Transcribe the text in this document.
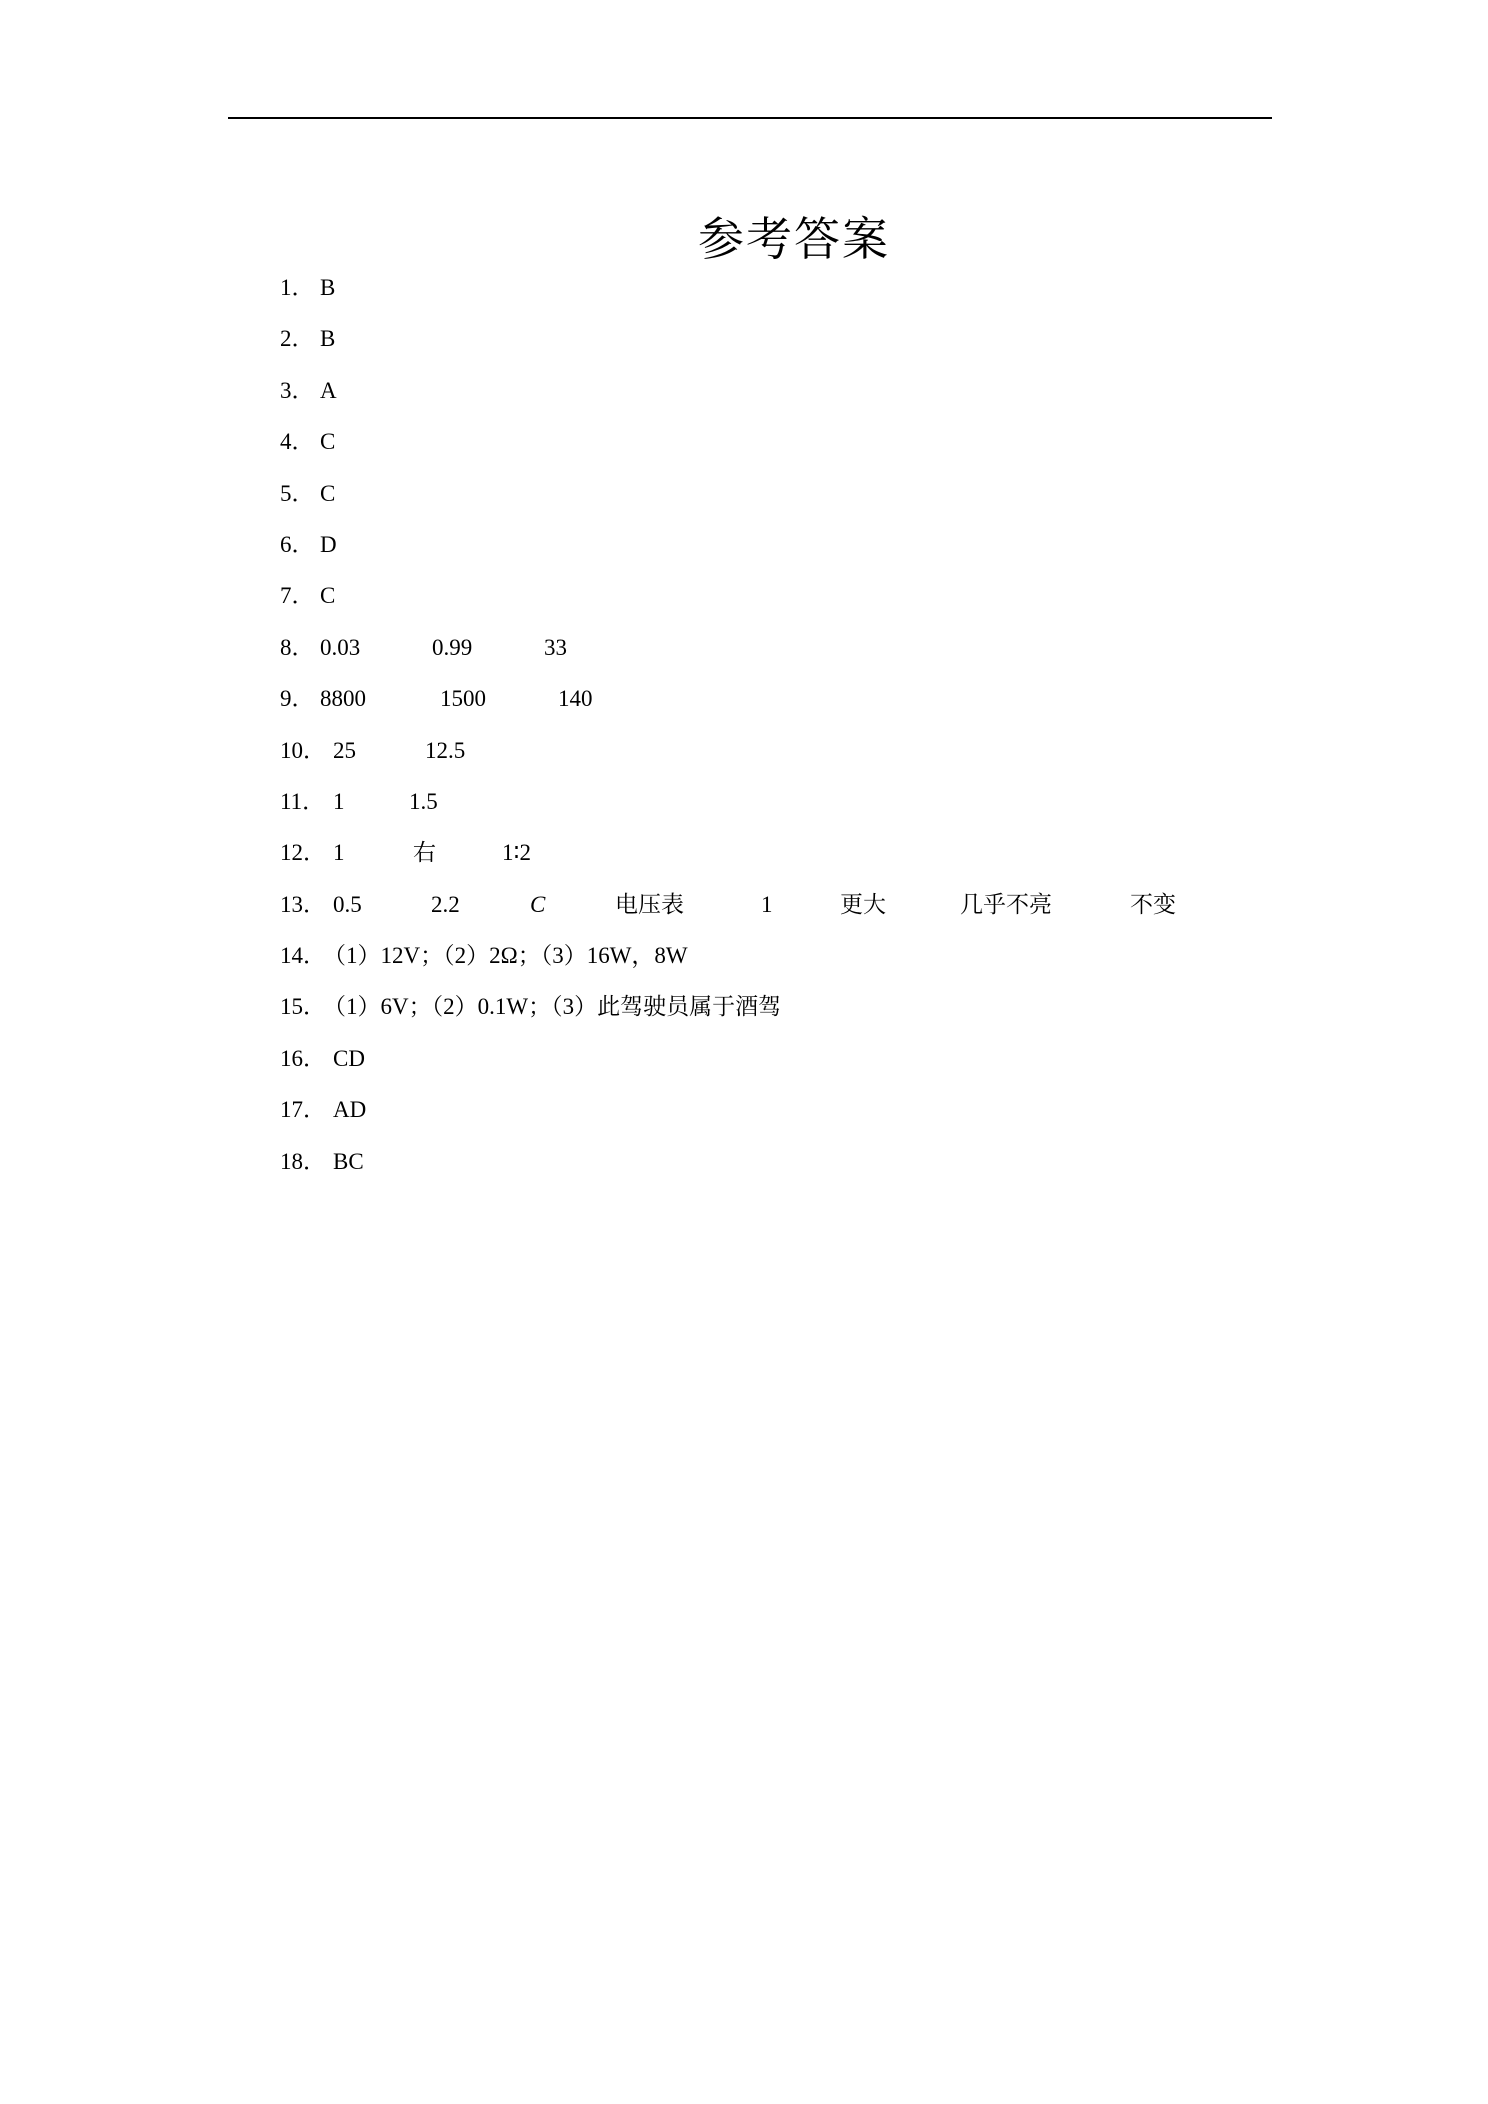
参考答案
1． B
2． B
3． A
4． C
5． C
6． D
7． C
8． 0.03	0.99	33
9． 8800	1500	140
10． 25	12.5
11． 1	1.5
12． 1	右	1∶2
13． 0.5	2.2	C	电压表	1	更大	几乎不亮	不变
14．
（1）12V；（2）2Ω；（3）16W，8W
15．
（1）6V；（2）0.1W；（3）此驾驶员属于酒驾
16． CD
17． AD
18． BC
